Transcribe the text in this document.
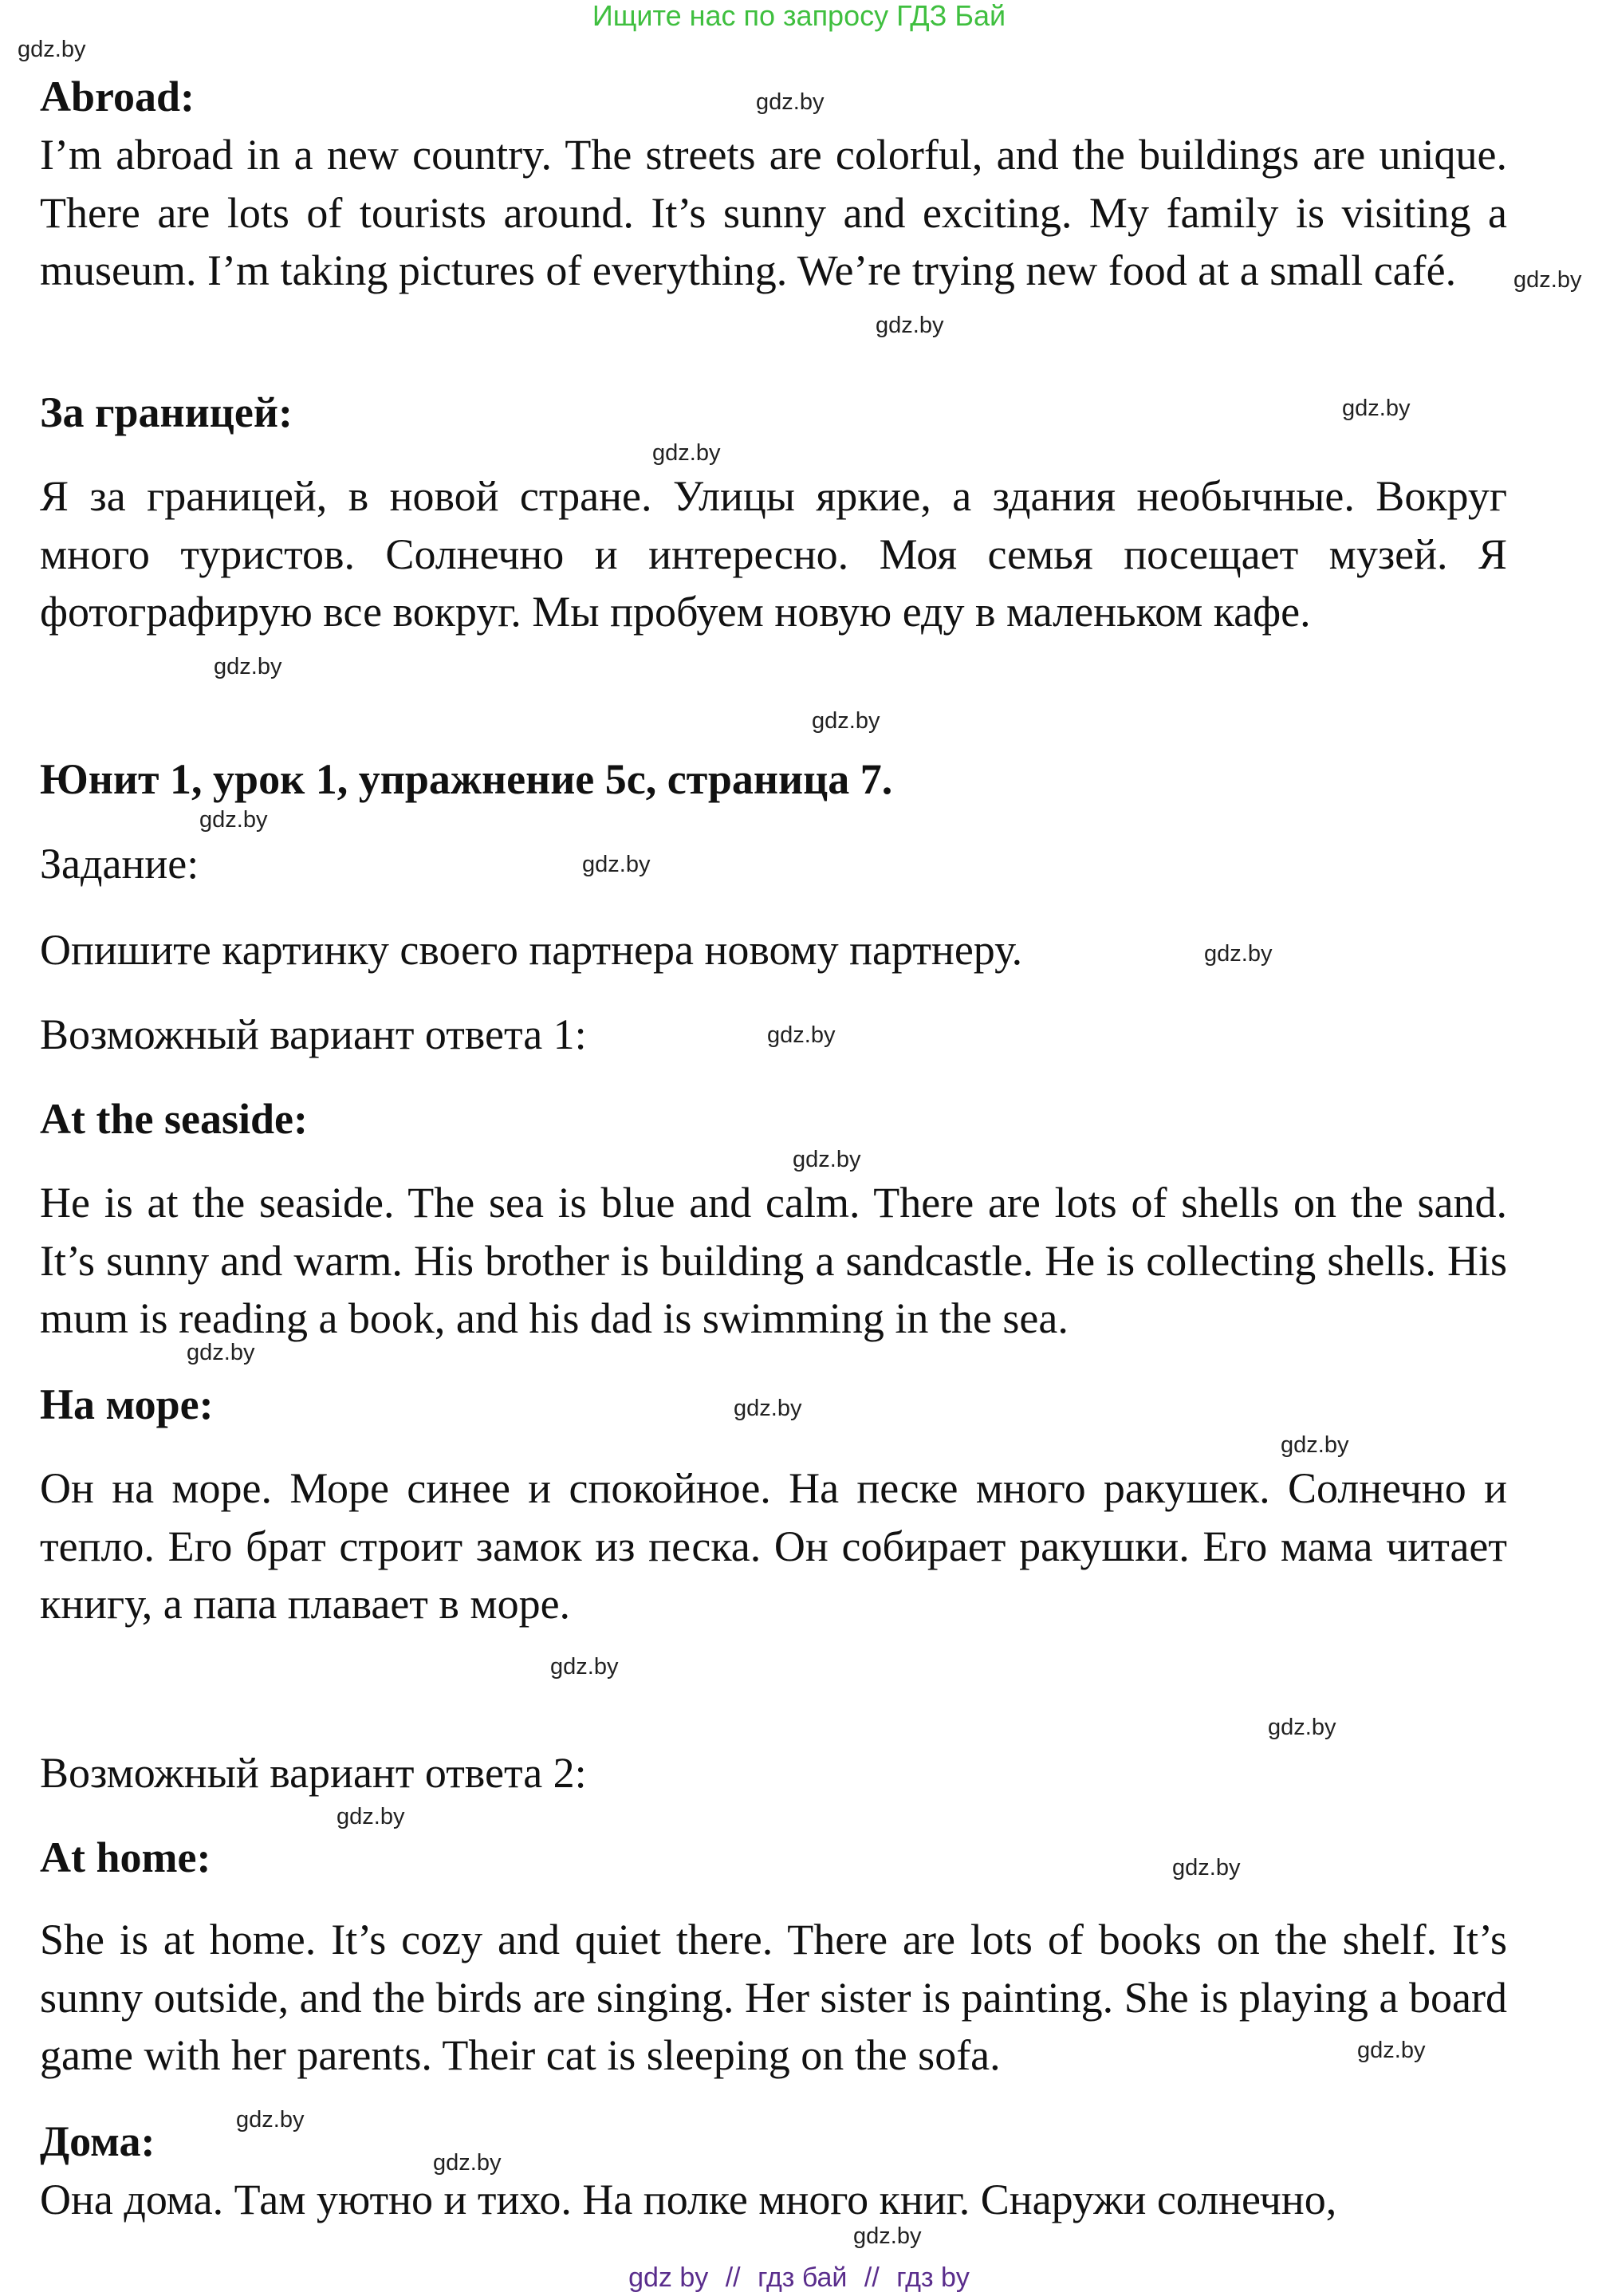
Ищите нас по запросу ГДЗ Бай
gdz.by
gdz.by
gdz.by
gdz.by
gdz.by
gdz.by
gdz.by
gdz.by
gdz.by
gdz.by
gdz.by
gdz.by
gdz.by
gdz.by
gdz.by
gdz.by
gdz.by
gdz.by
gdz.by
gdz.by
gdz.by
gdz.by
gdz.by
gdz.by
Abroad:

I’m abroad in a new country. The streets are colorful, and the buildings are unique. There are lots of tourists around. It’s sunny and exciting. My family is visiting a museum. I’m taking pictures of everything. We’re trying new food at a small café.

За границей:

Я за границей, в новой стране. Улицы яркие, а здания необычные. Вокруг много туристов. Солнечно и интересно. Моя семья посещает музей. Я фотографирую все вокруг. Мы пробуем новую еду в маленьком кафе.

Юнит 1, урок 1, упражнение 5с, страница 7.
Задание:
Опишите картинку своего партнера новому партнеру.
Возможный вариант ответа 1:
At the seaside:

He is at the seaside. The sea is blue and calm. There are lots of shells on the sand. It’s sunny and warm. His brother is building a sandcastle. He is collecting shells. His mum is reading a book, and his dad is swimming in the sea.

На море:

Он на море. Море синее и спокойное. На песке много ракушек. Солнечно и тепло. Его брат строит замок из песка. Он собирает ракушки. Его мама читает книгу, а папа плавает в море.

Возможный вариант ответа 2:
At home:

She is at home. It’s cozy and quiet there. There are lots of books on the shelf. It’s sunny outside, and the birds are singing. Her sister is painting. She is playing a board game with her parents. Their cat is sleeping on the sofa.

Дома:

Она дома. Там уютно и тихо. На полке много книг. Снаружи солнечно,

gdz by // гдз бай // гдз by
